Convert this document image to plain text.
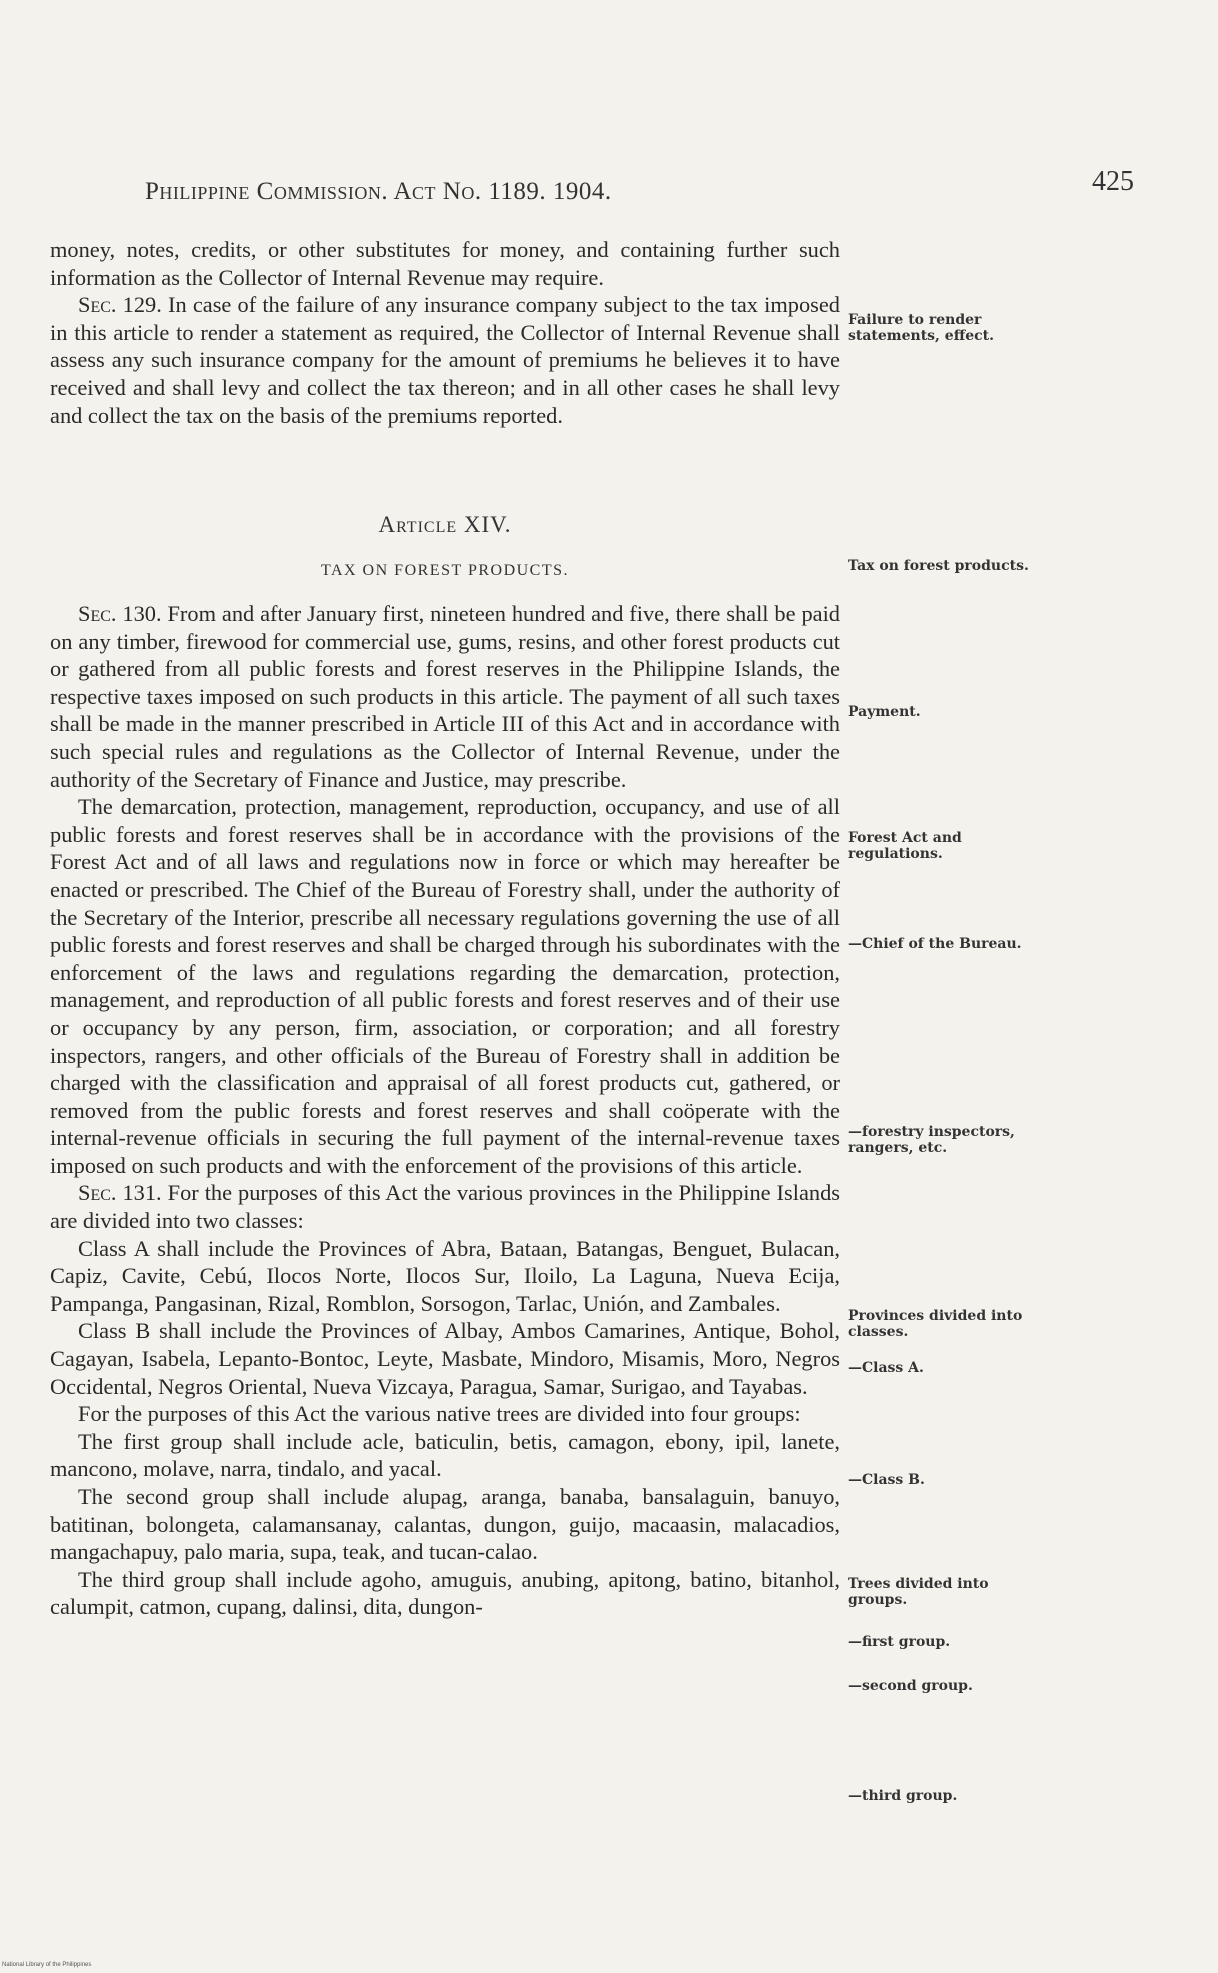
Philippine Commission. Act No. 1189. 1904.	425

money, notes, credits, or other substitutes for money, and containing further such information as the Collector of Internal Revenue may require.

Sec. 129. In case of the failure of any insurance company subject to the tax imposed in this article to render a statement as required, the Collector of Internal Revenue shall assess any such insurance company for the amount of premiums he believes it to have received and shall levy and collect the tax thereon; and in all other cases he shall levy and collect the tax on the basis of the premiums reported.

Article XIV.
TAX ON FOREST PRODUCTS.

Sec. 130. From and after January first, nineteen hundred and five, there shall be paid on any timber, firewood for commercial use, gums, resins, and other forest products cut or gathered from all public forests and forest reserves in the Philippine Islands, the respective taxes imposed on such products in this article. The payment of all such taxes shall be made in the manner prescribed in Article III of this Act and in accordance with such special rules and regulations as the Collector of Internal Revenue, under the authority of the Secretary of Finance and Justice, may prescribe.

The demarcation, protection, management, reproduction, occupancy, and use of all public forests and forest reserves shall be in accordance with the provisions of the Forest Act and of all laws and regulations now in force or which may hereafter be enacted or prescribed. The Chief of the Bureau of Forestry shall, under the authority of the Secretary of the Interior, prescribe all necessary regulations governing the use of all public forests and forest reserves and shall be charged through his subordinates with the enforcement of the laws and regulations regarding the demarcation, protection, management, and reproduction of all public forests and forest reserves and of their use or occupancy by any person, firm, association, or corporation; and all forestry inspectors, rangers, and other officials of the Bureau of Forestry shall in addition be charged with the classification and appraisal of all forest products cut, gathered, or removed from the public forests and forest reserves and shall coöperate with the internal-revenue officials in securing the full payment of the internal-revenue taxes imposed on such products and with the enforcement of the provisions of this article.

Sec. 131. For the purposes of this Act the various provinces in the Philippine Islands are divided into two classes:

Class A shall include the Provinces of Abra, Bataan, Batangas, Benguet, Bulacan, Capiz, Cavite, Cebú, Ilocos Norte, Ilocos Sur, Iloilo, La Laguna, Nueva Ecija, Pampanga, Pangasinan, Rizal, Romblon, Sorsogon, Tarlac, Unión, and Zambales.

Class B shall include the Provinces of Albay, Ambos Camarines, Antique, Bohol, Cagayan, Isabela, Lepanto-Bontoc, Leyte, Masbate, Mindoro, Misamis, Moro, Negros Occidental, Negros Oriental, Nueva Vizcaya, Paragua, Samar, Surigao, and Tayabas.

For the purposes of this Act the various native trees are divided into four groups:

The first group shall include acle, baticulin, betis, camagon, ebony, ipil, lanete, mancono, molave, narra, tindalo, and yacal.

The second group shall include alupag, aranga, banaba, bansalaguin, banuyo, batitinan, bolongeta, calamansanay, calantas, dungon, guijo, macaasin, malacadios, mangachapuy, palo maria, supa, teak, and tucan-calao.

The third group shall include agoho, amuguis, anubing, apitong, batino, bitanhol, calumpit, catmon, cupang, dalinsi, dita, dungon-

Failure to render statements, effect.
Tax on forest products.
Payment.
Forest Act and regulations.
—Chief of the Bureau.
—forestry inspectors, rangers, etc.
Provinces divided into classes.
—Class A.
—Class B.
Trees divided into groups.
—first group.
—second group.
—third group.
National Library of the Philippines
